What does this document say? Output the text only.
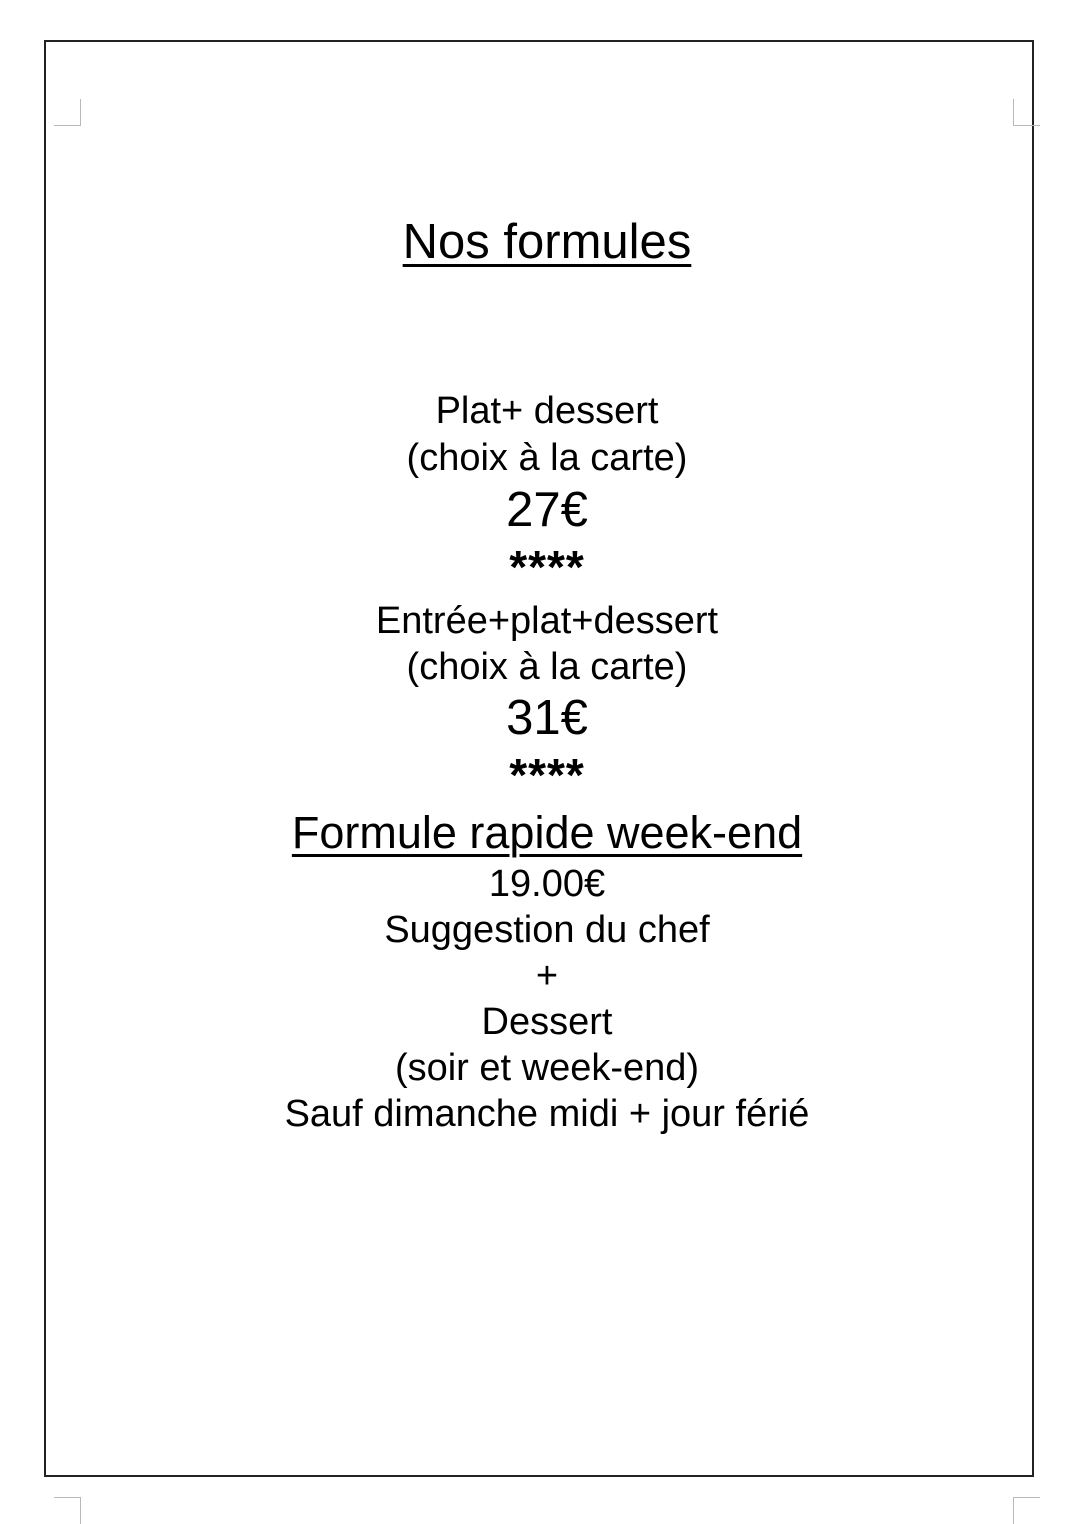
Nos formules
Plat+ dessert
(choix à la carte)
27€
****
Entrée+plat+dessert
(choix à la carte)
31€
****
Formule rapide week-end
19.00€
Suggestion du chef
+
Dessert
(soir et week-end)
Sauf dimanche midi + jour férié
